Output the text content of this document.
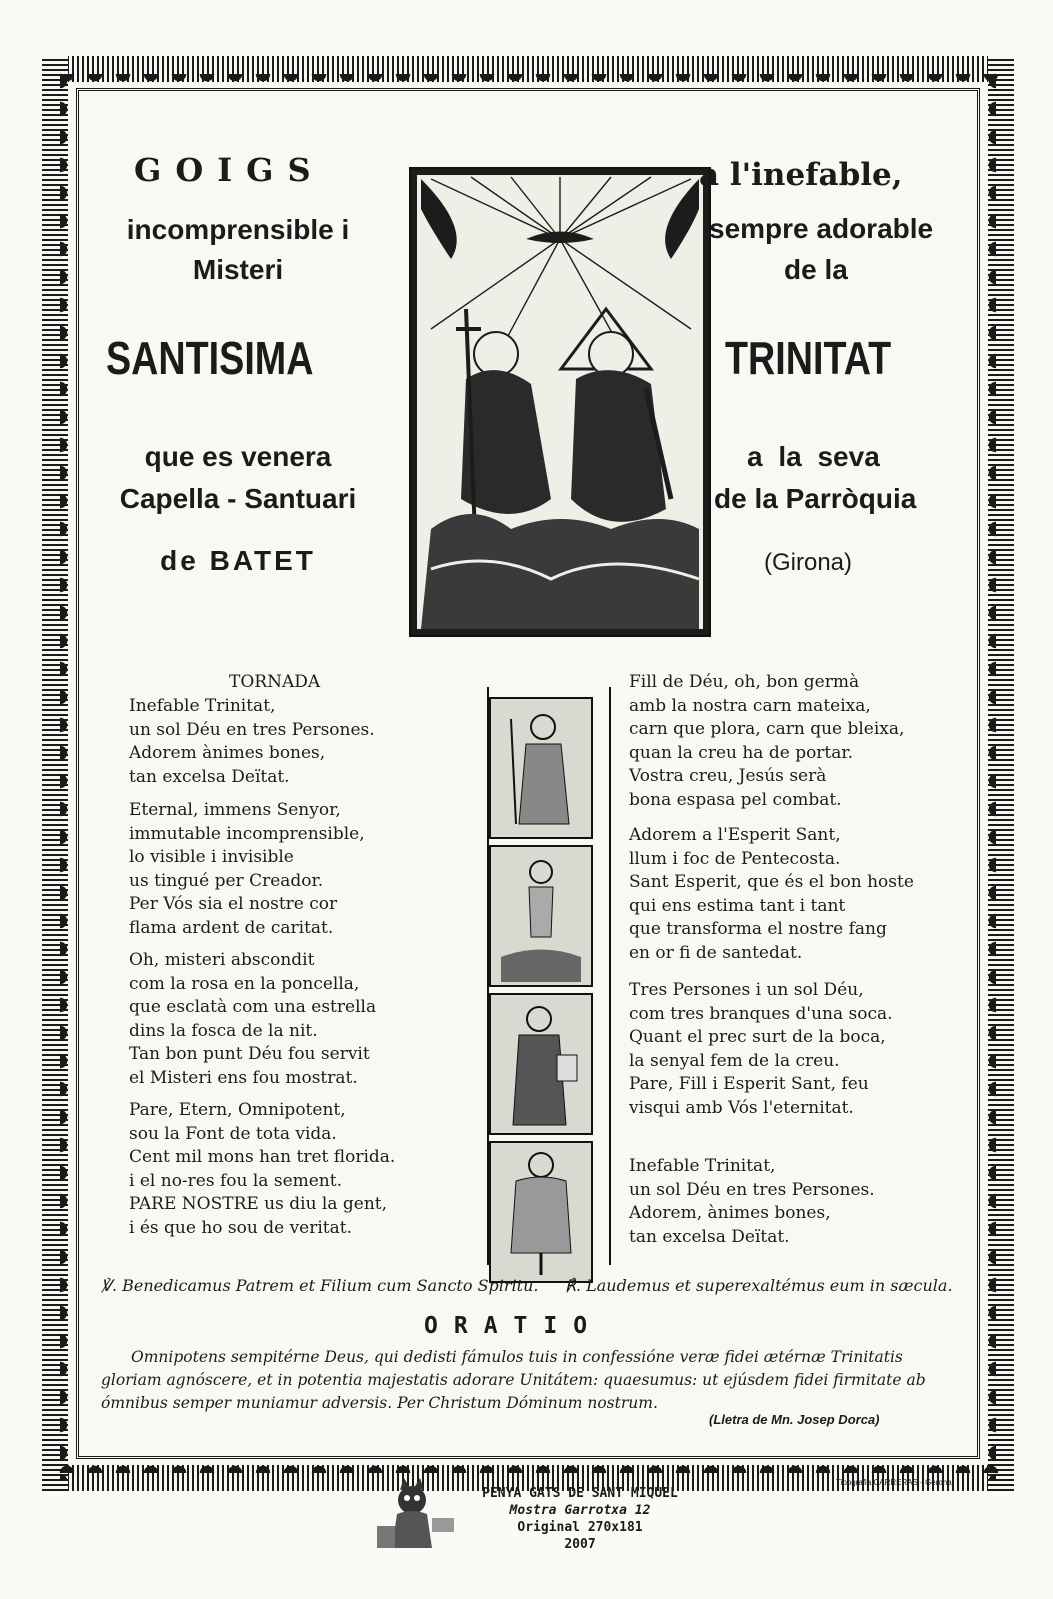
GOIGS
incomprensible i
Misteri
SANTISIMA
que es venera
Capella - Santuari
de BATET
a l'inefable,
sempre adorable
de la
TRINITAT
a la seva
de la Parròquia
(Girona)
TORNADA
Inefable Trinitat,
un sol Déu en tres Persones.
Adorem ànimes bones,
tan excelsa Deïtat.
Eternal, immens Senyor,
immutable incomprensible,
lo visible i invisible
us tingué per Creador.
Per Vós sia el nostre cor
flama ardent de caritat.
Oh, misteri abscondit
com la rosa en la poncella,
que esclatà com una estrella
dins la fosca de la nit.
Tan bon punt Déu fou servit
el Misteri ens fou mostrat.
Pare, Etern, Omnipotent,
sou la Font de tota vida.
Cent mil mons han tret florida.
i el no-res fou la sement.
PARE NOSTRE us diu la gent,
i és que ho sou de veritat.
Fill de Déu, oh, bon germà
amb la nostra carn mateixa,
carn que plora, carn que bleixa,
quan la creu ha de portar.
Vostra creu, Jesús serà
bona espasa pel combat.
Adorem a l'Esperit Sant,
llum i foc de Pentecosta.
Sant Esperit, que és el bon hoste
qui ens estima tant i tant
que transforma el nostre fang
en or fi de santedat.
Tres Persones i un sol Déu,
com tres branques d'una soca.
Quant el prec surt de la boca,
la senyal fem de la creu.
Pare, Fill i Esperit Sant, feu
visqui amb Vós l'eternitat.
Inefable Trinitat,
un sol Déu en tres Persones.
Adorem, ànimes bones,
tan excelsa Deïtat.
℣. Benedicamus Patrem et Filium cum Sancto Spiritu. ℟. Laudemus et superexaltémus eum in sæcula.
ORATIO
Omnipotens sempitérne Deus, qui dedisti fámulos tuis in confessióne veræ fidei ætérnæ Trinitatis
gloriam agnóscere, et in potentia majestatis adorare Unitátem: quaesumus: ut ejúsdem fidei firmitate ab
ómnibus semper muniamur adversis. Per Christum Dóminum nostrum.
(Lletra de Mn. Josep Dorca)
Tipografia CARRERAS - Gerona
PENYA GATS DE SANT MIQUEL
Mostra Garrotxa 12
Original 270x181
2007
